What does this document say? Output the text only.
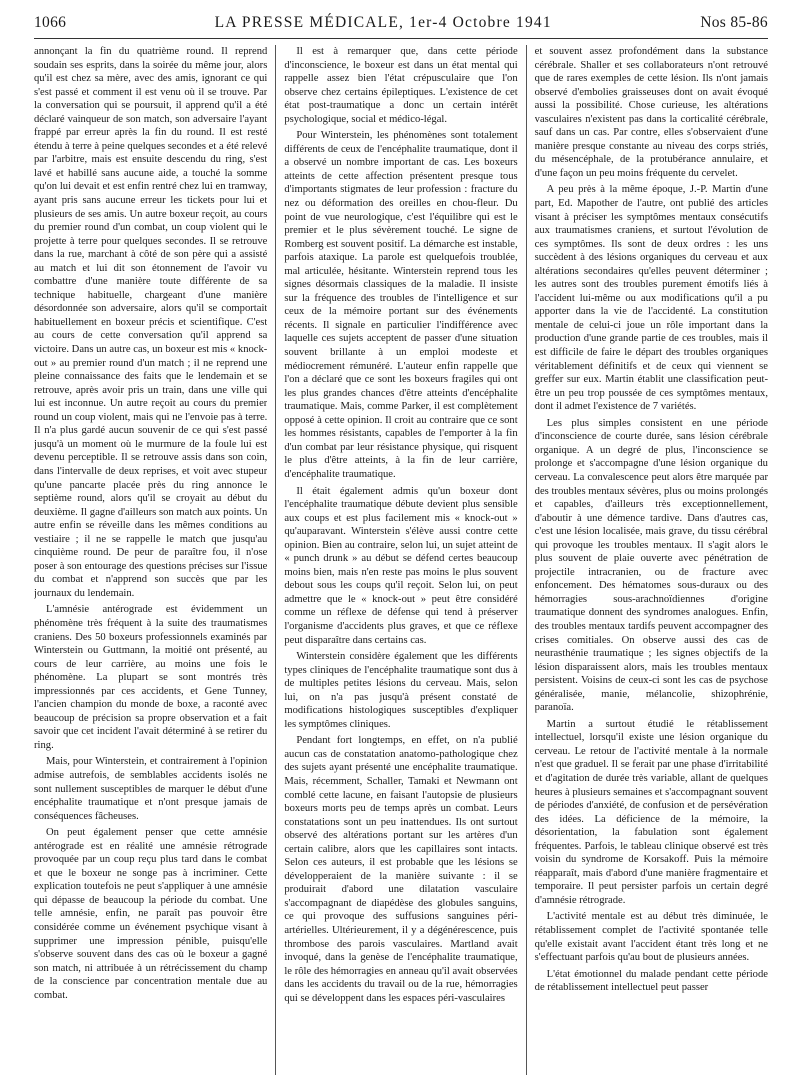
1066	LA PRESSE MÉDICALE, 1er-4 Octobre 1941	Nos 85-86

annonçant la fin du quatrième round. Il reprend soudain ses esprits, dans la soirée du même jour, alors qu'il est chez sa mère, avec des amis, ignorant ce qui s'est passé et comment il est venu où il se trouve. Par la conversation qui se poursuit, il apprend qu'il a été déclaré vainqueur de son match, son adversaire l'ayant frappé par erreur après la fin du round. Il est resté étendu à terre à peine quelques secondes et a été relevé par l'arbitre, mais est ensuite descendu du ring, s'est lavé et habillé sans aucune aide, a touché la somme qu'on lui devait et est enfin rentré chez lui en tramway, ayant pris sans aucune erreur les tickets pour lui et plusieurs de ses amis. Un autre boxeur reçoit, au cours du premier round d'un combat, un coup violent qui le projette à terre pour quelques secondes. Il se retrouve dans la rue, marchant à côté de son père qui a assisté au match et lui dit son étonnement de l'avoir vu combattre d'une manière toute différente de sa technique habituelle, chargeant d'une manière désordonnée son adversaire, alors qu'il se comportait habituellement en boxeur précis et scientifique. C'est au cours de cette conversation qu'il apprend sa victoire. Dans un autre cas, un boxeur est mis « knock-out » au premier round d'un match ; il ne reprend une pleine connaissance des faits que le lendemain et se retrouve, après avoir pris un train, dans une ville qui lui est inconnue. Un autre reçoit au cours du premier round un coup violent, mais qui ne l'envoie pas à terre. Il n'a plus gardé aucun souvenir de ce qui s'est passé jusqu'à un moment où le murmure de la foule lui est devenu perceptible. Il se retrouve assis dans son coin, dans l'intervalle de deux reprises, et voit avec stupeur qu'une pancarte placée près du ring annonce le septième round, alors qu'il se croyait au début du deuxième. Il gagne d'ailleurs son match aux points. Un autre enfin se réveille dans les mêmes conditions au vestiaire ; il ne se rappelle le match que jusqu'au cinquième round. De peur de paraître fou, il n'ose poser à son entourage des questions précises sur l'issue du combat et n'apprend son succès que par les journaux du lendemain.

L'amnésie antérograde est évidemment un phénomène très fréquent à la suite des traumatismes craniens. Des 50 boxeurs professionnels examinés par Winterstein ou Guttmann, la moitié ont présenté, au cours de leur carrière, au moins une fois le phénomène. La plupart se sont montrés très impressionnés par ces accidents, et Gene Tunney, l'ancien champion du monde de boxe, a raconté avec beaucoup de précision sa propre observation et a fait savoir que cet incident l'avait déterminé à se retirer du ring.

Mais, pour Winterstein, et contrairement à l'opinion admise autrefois, de semblables accidents isolés ne sont nullement susceptibles de marquer le début d'une encéphalite traumatique et n'ont presque jamais de conséquences fâcheuses.

On peut également penser que cette amnésie antérograde est en réalité une amnésie rétrograde provoquée par un coup reçu plus tard dans le combat et que le boxeur ne songe pas à incriminer. Cette explication toutefois ne peut s'appliquer à une amnésie qui dépasse de beaucoup la période du combat. Une telle amnésie, enfin, ne paraît pas pouvoir être considérée comme un événement psychique visant à supprimer une impression pénible, puisqu'elle s'observe souvent dans des cas où le boxeur a gagné son match, ni attribuée à un rétrécissement du champ de la conscience par concentration mentale due au combat.

Il est à remarquer que, dans cette période d'inconscience, le boxeur est dans un état mental qui rappelle assez bien l'état crépusculaire que l'on observe chez certains épileptiques. L'existence de cet état post-traumatique a donc un certain intérêt psychologique, social et médico-légal.

Pour Winterstein, les phénomènes sont totalement différents de ceux de l'encéphalite traumatique, dont il a observé un nombre important de cas. Les boxeurs atteints de cette affection présentent presque tous d'importants stigmates de leur profession : fracture du nez ou déformation des oreilles en chou-fleur. Du point de vue neurologique, c'est l'équilibre qui est le premier et le plus sévèrement touché. Le signe de Romberg est souvent positif. La démarche est instable, parfois ataxique. La parole est quelquefois troublée, mal articulée, hésitante. Winterstein reprend tous les signes désormais classiques de la maladie. Il insiste sur la fréquence des troubles de l'intelligence et sur ceux de la mémoire portant sur des événements récents. Il signale en particulier l'indifférence avec laquelle ces sujets acceptent de passer d'une situation souvent brillante à un emploi modeste et médiocrement rémunéré. L'auteur enfin rappelle que l'on a déclaré que ce sont les boxeurs fragiles qui ont les plus grandes chances d'être atteints d'encéphalite traumatique. Mais, comme Parker, il est complètement opposé à cette opinion. Il croit au contraire que ce sont les hommes résistants, capables de l'emporter à la fin d'un combat par leur résistance physique, qui risquent le plus d'être atteints, à la fin de leur carrière, d'encéphalite traumatique.

Il était également admis qu'un boxeur dont l'encéphalite traumatique débute devient plus sensible aux coups et est plus facilement mis « knock-out » qu'auparavant. Winterstein s'élève aussi contre cette opinion. Bien au contraire, selon lui, un sujet atteint de « punch drunk » au début se défend certes beaucoup moins bien, mais n'en reste pas moins le plus souvent debout sous les coups qu'il reçoit. Selon lui, on peut admettre que le « knock-out » peut être considéré comme un réflexe de défense qui tend à préserver l'organisme d'accidents plus graves, et que ce réflexe peut disparaître dans certains cas.

Winterstein considère également que les différents types cliniques de l'encéphalite traumatique sont dus à de multiples petites lésions du cerveau. Mais, selon lui, on n'a pas jusqu'à présent constaté de modifications histologiques susceptibles d'expliquer les symptômes cliniques.

Pendant fort longtemps, en effet, on n'a publié aucun cas de constatation anatomo-pathologique chez des sujets ayant présenté une encéphalite traumatique. Mais, récemment, Schaller, Tamaki et Newmann ont comblé cette lacune, en faisant l'autopsie de plusieurs boxeurs morts peu de temps après un combat. Leurs constatations sont un peu inattendues. Ils ont surtout observé des altérations portant sur les artères d'un certain calibre, alors que les capillaires sont intacts. Selon ces auteurs, il est probable que les lésions se développeraient de la manière suivante : il se produirait d'abord une dilatation vasculaire s'accompagnant de diapédèse des globules sanguins, ce qui provoque des suffusions sanguines péri-artérielles. Ultérieurement, il y a dégénérescence, puis thrombose des parois vasculaires. Martland avait invoqué, dans la genèse de l'encéphalite traumatique, le rôle des hémorragies en anneau qu'il avait observées dans les accidents du travail ou de la rue, hémorragies qui se développent dans les espaces péri-vasculaires

et souvent assez profondément dans la substance cérébrale. Shaller et ses collaborateurs n'ont retrouvé que de rares exemples de cette lésion. Ils n'ont jamais observé d'embolies graisseuses dont on avait évoqué aussi la possibilité. Chose curieuse, les altérations vasculaires n'existent pas dans la corticalité cérébrale, sauf dans un cas. Par contre, elles s'observaient d'une manière presque constante au niveau des corps striés, du mésencéphale, de la protubérance annulaire, et d'une façon un peu moins fréquente du cervelet.

A peu près à la même époque, J.-P. Martin d'une part, Ed. Mapother de l'autre, ont publié des articles visant à préciser les symptômes mentaux consécutifs aux traumatismes craniens, et surtout l'évolution de ces symptômes. Ils sont de deux ordres : les uns succèdent à des lésions organiques du cerveau et aux altérations secondaires qu'elles peuvent déterminer ; les autres sont des troubles purement émotifs liés à l'accident lui-même ou aux modifications qu'il a pu apporter dans la vie de l'accidenté. La constitution mentale de celui-ci joue un rôle important dans la production d'une grande partie de ces troubles, mais il est difficile de faire le départ des troubles organiques véritablement définitifs et de ceux qui viennent se greffer sur eux. Martin établit une classification peut-être un peu trop poussée de ces symptômes mentaux, dont il admet l'existence de 7 variétés.

Les plus simples consistent en une période d'inconscience de courte durée, sans lésion cérébrale organique. A un degré de plus, l'inconscience se prolonge et s'accompagne d'une lésion organique du cerveau. La convalescence peut alors être marquée par des troubles mentaux sévères, plus ou moins prolongés et capables, d'ailleurs très exceptionnellement, d'aboutir à une démence tardive. Dans d'autres cas, c'est une lésion localisée, mais grave, du tissu cérébral qui provoque les troubles mentaux. Il s'agit alors le plus souvent de plaie ouverte avec pénétration de projectile intracranien, ou de fracture avec enfoncement. Des hématomes sous-duraux ou des hémorragies sous-arachnoïdiennes d'origine traumatique donnent des syndromes analogues. Enfin, des troubles mentaux tardifs peuvent accompagner des crises comitiales. On observe aussi des cas de neurasthénie traumatique ; les signes objectifs de la lésion disparaissent alors, mais les troubles mentaux persistent. Voisins de ceux-ci sont les cas de psychose généralisée, manie, mélancolie, shizophrénie, paranoïa.

Martin a surtout étudié le rétablissement intellectuel, lorsqu'il existe une lésion organique du cerveau. Le retour de l'activité mentale à la normale n'est que graduel. Il se ferait par une phase d'irritabilité et d'agitation de durée très variable, allant de quelques heures à plusieurs semaines et s'accompagnant souvent de périodes d'anxiété, de confusion et de persévération des idées. La déficience de la mémoire, la désorientation, la fabulation sont également fréquentes. Parfois, le tableau clinique observé est très voisin du syndrome de Korsakoff. Puis la mémoire réapparaît, mais d'abord d'une manière fragmentaire et temporaire. Il peut persister parfois un certain degré d'amnésie rétrograde.

L'activité mentale est au début très diminuée, le rétablissement complet de l'activité spontanée telle qu'elle existait avant l'accident étant très long et ne s'effectuant parfois qu'au bout de plusieurs années.

L'état émotionnel du malade pendant cette période de rétablissement intellectuel peut passer
